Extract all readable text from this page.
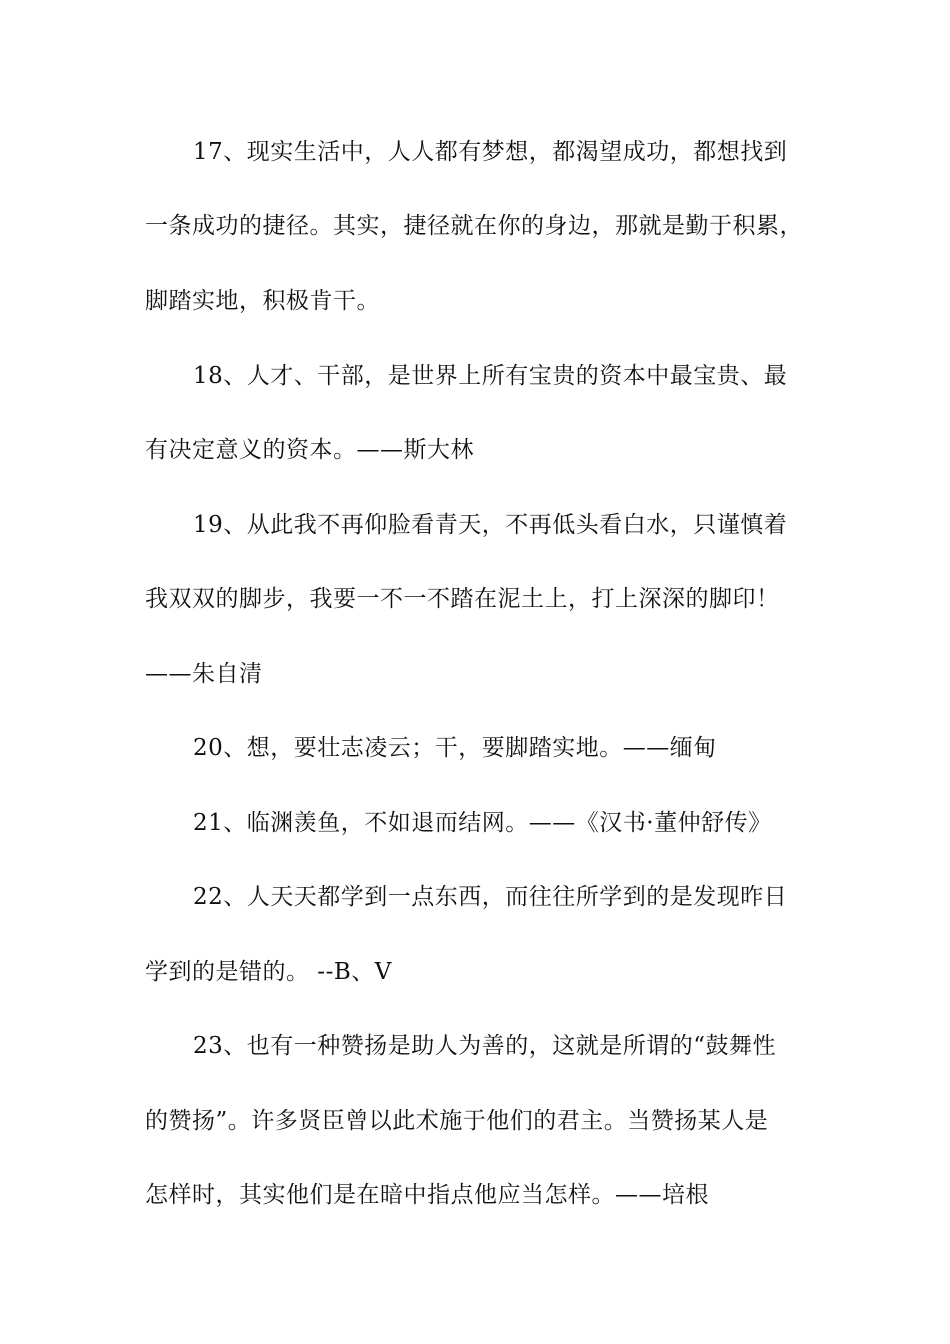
17、现实生活中，人人都有梦想，都渴望成功，都想找到

一条成功的捷径。其实，捷径就在你的身边，那就是勤于积累，

脚踏实地，积极肯干。

18、人才、干部，是世界上所有宝贵的资本中最宝贵、最

有决定意义的资本。——斯大林

19、从此我不再仰脸看青天，不再低头看白水，只谨慎着

我双双的脚步，我要一不一不踏在泥土上，打上深深的脚印！

——朱自清

20、想，要壮志凌云；干，要脚踏实地。——缅甸

21、临渊羡鱼，不如退而结网。——《汉书·董仲舒传》

22、人天天都学到一点东西，而往往所学到的是发现昨日

学到的是错的。 --B、V

23、也有一种赞扬是助人为善的，这就是所谓的“鼓舞性

的赞扬”。许多贤臣曾以此术施于他们的君主。当赞扬某人是

怎样时，其实他们是在暗中指点他应当怎样。——培根
